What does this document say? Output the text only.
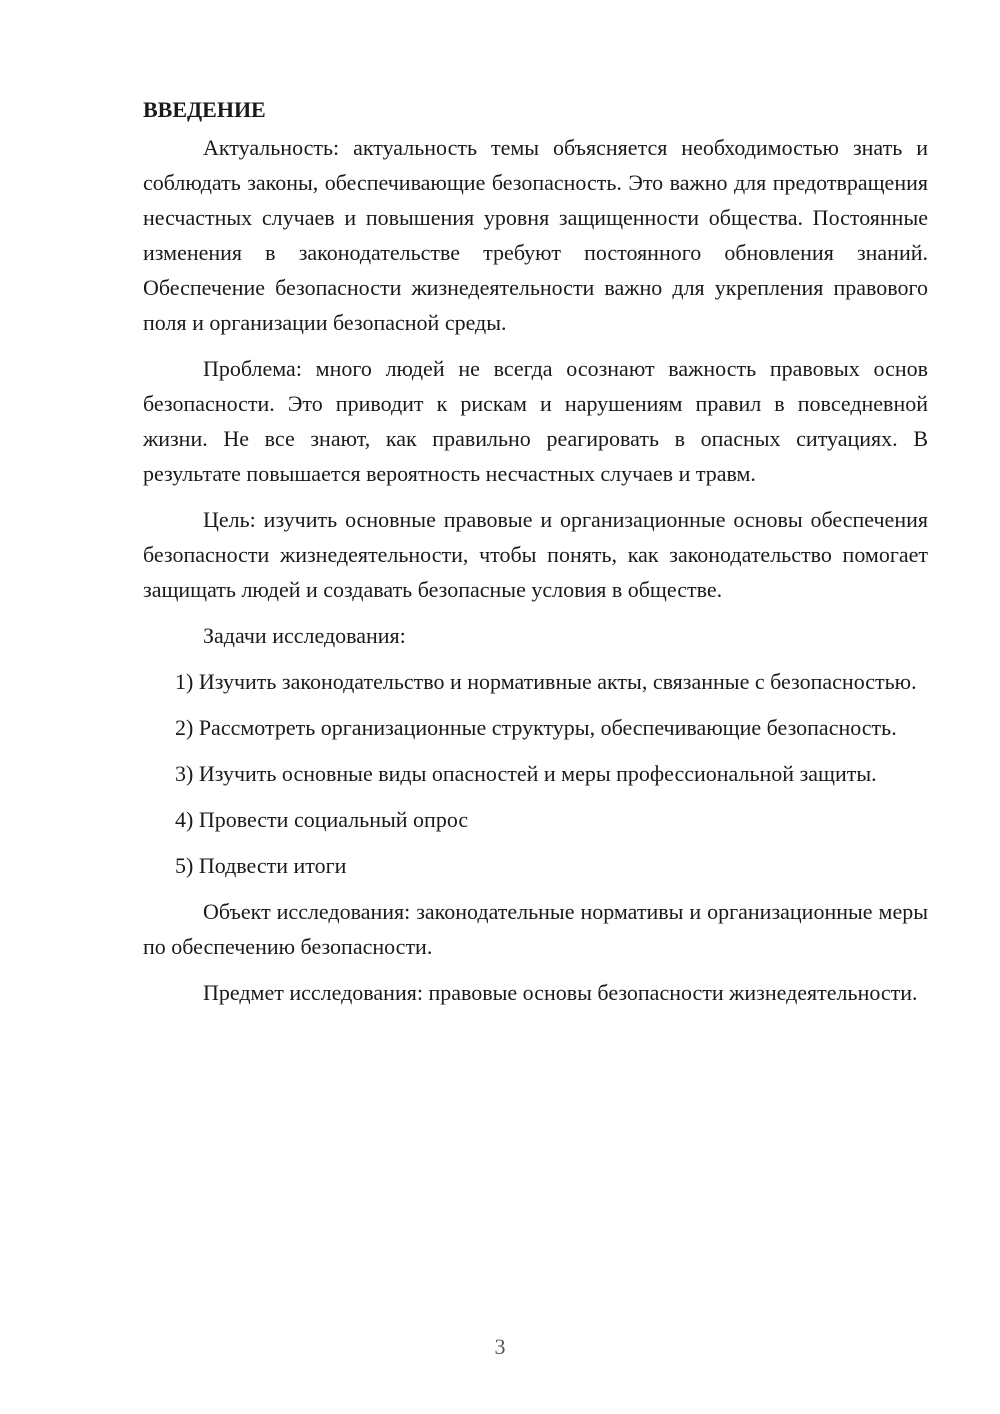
ВВЕДЕНИЕ

Актуальность: актуальность темы объясняется необходимостью знать и соблюдать законы, обеспечивающие безопасность. Это важно для предотвращения несчастных случаев и повышения уровня защищенности общества. Постоянные изменения в законодательстве требуют постоянного обновления знаний. Обеспечение безопасности жизнедеятельности важно для укрепления правового поля и организации безопасной среды.

Проблема: много людей не всегда осознают важность правовых основ безопасности. Это приводит к рискам и нарушениям правил в повседневной жизни. Не все знают, как правильно реагировать в опасных ситуациях. В результате повышается вероятность несчастных случаев и травм.

Цель: изучить основные правовые и организационные основы обеспечения безопасности жизнедеятельности, чтобы понять, как законодательство помогает защищать людей и создавать безопасные условия в обществе.

Задачи исследования:

1) Изучить законодательство и нормативные акты, связанные с безопасностью.

2) Рассмотреть организационные структуры, обеспечивающие безопасность.

3) Изучить основные виды опасностей и меры профессиональной защиты.

4) Провести социальный опрос

5) Подвести итоги

Объект исследования: законодательные нормативы и организационные меры по обеспечению безопасности.

Предмет исследования: правовые основы безопасности жизнедеятельности.

3
